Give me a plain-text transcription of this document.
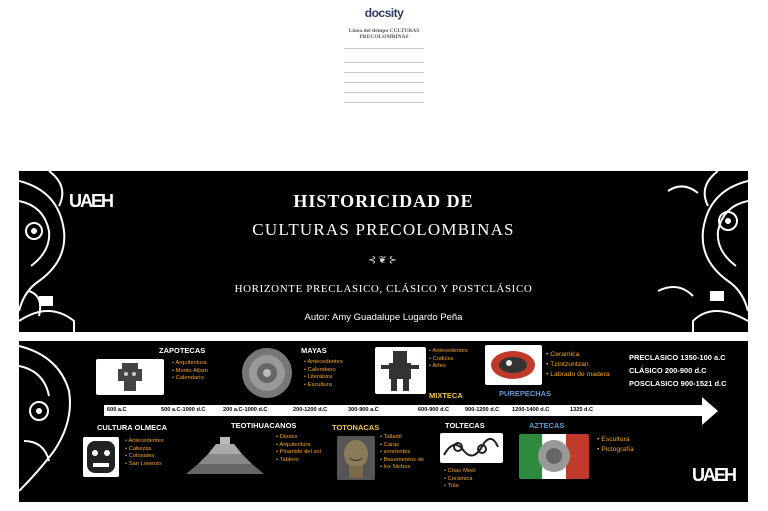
docsity
Línea del tiempo CULTURAS
PRECOLOMBINAS
UAEH	HISTORICIDAD DE
CULTURAS PRECOLOMBINAS
⊰❦⊱
HORIZONTE PRECLASICO, CLÁSICO Y POSTCLÁSICO
Autor: Amy Guadalupe Lugardo Peña
600 a.C	500 a.C-1000 d.C	200 a.C-1000 d.C	200-1200 d.C	300-900 a.C	600-900 d.C	900-1200 d.C 1200-1400 d.C	1325 d.C
ZAPOTECAS
• Arquitectura
• Monte Alban
• Calendario
MAYAS
• Antecedentes
• Calendario
• Literatura
• Escultura
• Antecedentes
• Codices
• Artes
MIXTECA
• Ceramica
• Tzintzuntzan
• Labrado de madera
PUREPECHAS
PRECLASICO 1350-100 a.C
CLÁSICO 200-900 d.C
POSCLASICO 900-1521 d.C
CULTURA OLMECA
• Antecedentes
• Cabezas
• Colosales
• San Lorenzo
TEOTIHUACANOS
• Dioses
• Arquitectura
• Piramide del sol
• Tablero
TOTONACAS
• Tallado
• Caras
• sonrientes
• Basamentos de
• los Nichos
TOLTECAS
• Chac-Mool
• Cerámica
• Tula
AZTECAS
• Escultura
• Pictografía
UAEH
